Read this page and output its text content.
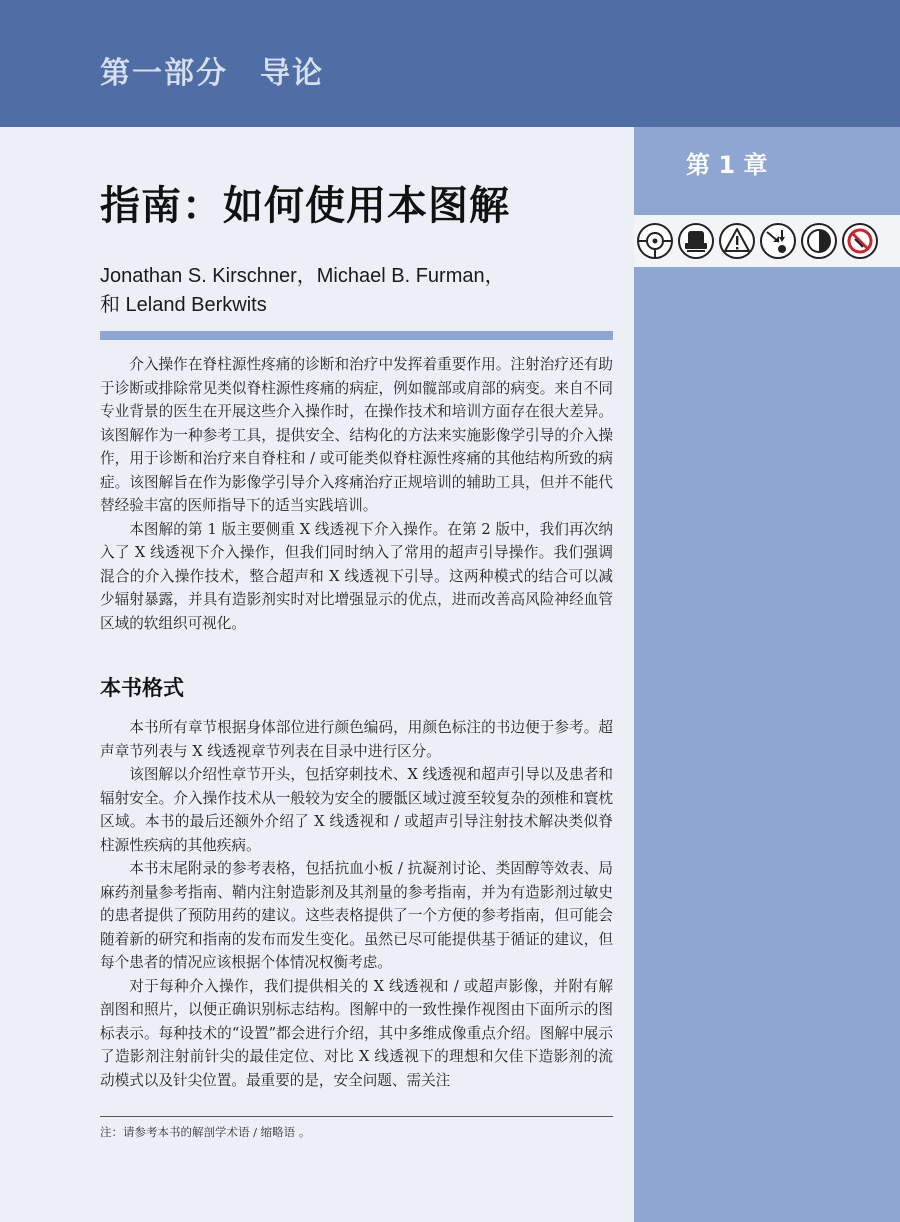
第一部分　导论
第 1 章
指南：如何使用本图解
Jonathan S. Kirschner，Michael B. Furman，
和 Leland Berkwits

介入操作在脊柱源性疼痛的诊断和治疗中发挥着重要作用。注射治疗还有助于诊断或排除常见类似脊柱源性疼痛的病症，例如髋部或肩部的病变。来自不同专业背景的医生在开展这些介入操作时，在操作技术和培训方面存在很大差异。该图解作为一种参考工具，提供安全、结构化的方法来实施影像学引导的介入操作，用于诊断和治疗来自脊柱和 / 或可能类似脊柱源性疼痛的其他结构所致的病症。该图解旨在作为影像学引导介入疼痛治疗正规培训的辅助工具，但并不能代替经验丰富的医师指导下的适当实践培训。

本图解的第 1 版主要侧重 X 线透视下介入操作。在第 2 版中，我们再次纳入了 X 线透视下介入操作，但我们同时纳入了常用的超声引导操作。我们强调混合的介入操作技术，整合超声和 X 线透视下引导。这两种模式的结合可以减少辐射暴露，并具有造影剂实时对比增强显示的优点，进而改善高风险神经血管区域的软组织可视化。

本书格式

本书所有章节根据身体部位进行颜色编码，用颜色标注的书边便于参考。超声章节列表与 X 线透视章节列表在目录中进行区分。

该图解以介绍性章节开头，包括穿刺技术、X 线透视和超声引导以及患者和辐射安全。介入操作技术从一般较为安全的腰骶区域过渡至较复杂的颈椎和寰枕区域。本书的最后还额外介绍了 X 线透视和 / 或超声引导注射技术解决类似脊柱源性疾病的其他疾病。

本书末尾附录的参考表格，包括抗血小板 / 抗凝剂讨论、类固醇等效表、局麻药剂量参考指南、鞘内注射造影剂及其剂量的参考指南，并为有造影剂过敏史的患者提供了预防用药的建议。这些表格提供了一个方便的参考指南，但可能会随着新的研究和指南的发布而发生变化。虽然已尽可能提供基于循证的建议，但每个患者的情况应该根据个体情况权衡考虑。

对于每种介入操作，我们提供相关的 X 线透视和 / 或超声影像，并附有解剖图和照片，以便正确识别标志结构。图解中的一致性操作视图由下面所示的图标表示。每种技术的“设置”都会进行介绍，其中多维成像重点介绍。图解中展示了造影剂注射前针尖的最佳定位、对比 X 线透视下的理想和欠佳下造影剂的流动模式以及针尖位置。最重要的是，安全问题、需关注

注：请参考本书的解剖学术语 / 缩略语 。
